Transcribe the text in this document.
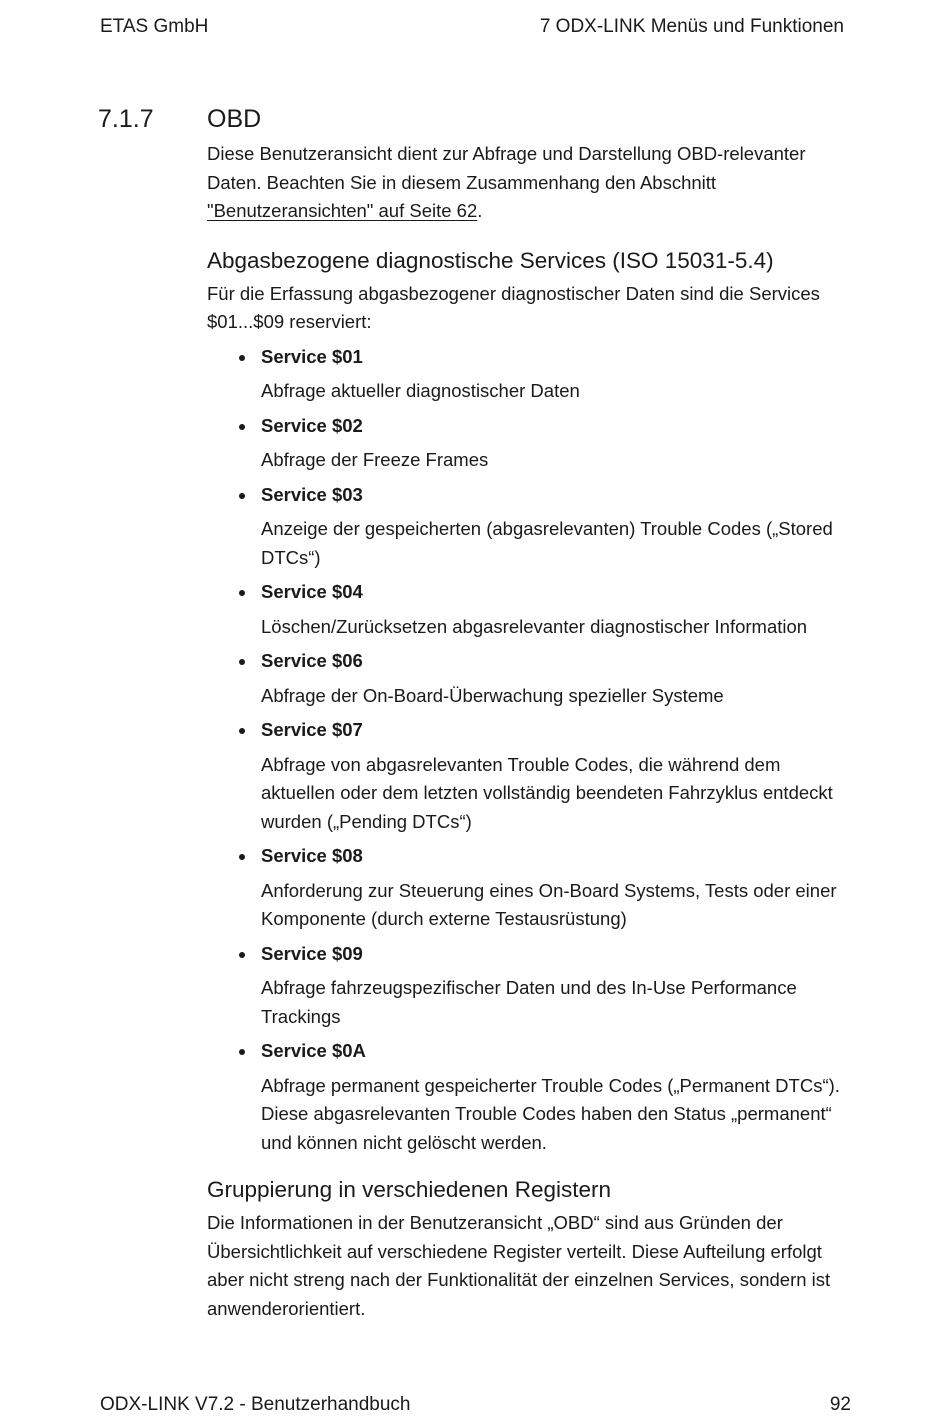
ETAS GmbH	7 ODX-LINK Menüs und Funktionen
7.1.7 OBD

Diese Benutzeransicht dient zur Abfrage und Darstellung OBD-relevanter Daten. Beachten Sie in diesem Zusammenhang den Abschnitt "Benutzeransichten" auf Seite 62.

Abgasbezogene diagnostische Services (ISO 15031-5.4)

Für die Erfassung abgasbezogener diagnostischer Daten sind die Services $01...$09 reserviert:

Service $01
Abfrage aktueller diagnostischer Daten
Service $02
Abfrage der Freeze Frames
Service $03
Anzeige der gespeicherten (abgasrelevanten) Trouble Codes („Stored DTCs“)
Service $04
Löschen/Zurücksetzen abgasrelevanter diagnostischer Information
Service $06
Abfrage der On-Board-Überwachung spezieller Systeme
Service $07
Abfrage von abgasrelevanten Trouble Codes, die während dem aktuellen oder dem letzten vollständig beendeten Fahrzyklus entdeckt wurden („Pending DTCs“)
Service $08
Anforderung zur Steuerung eines On-Board Systems, Tests oder einer Komponente (durch externe Testausrüstung)
Service $09
Abfrage fahrzeugspezifischer Daten und des In-Use Performance Trackings
Service $0A
Abfrage permanent gespeicherter Trouble Codes („Permanent DTCs“). Diese abgasrelevanten Trouble Codes haben den Status „permanent“ und können nicht gelöscht werden.
Gruppierung in verschiedenen Registern

Die Informationen in der Benutzeransicht „OBD“ sind aus Gründen der Übersichtlichkeit auf verschiedene Register verteilt. Diese Aufteilung erfolgt aber nicht streng nach der Funktionalität der einzelnen Services, sondern ist anwenderorientiert.

ODX-LINK V7.2 - Benutzerhandbuch	92
